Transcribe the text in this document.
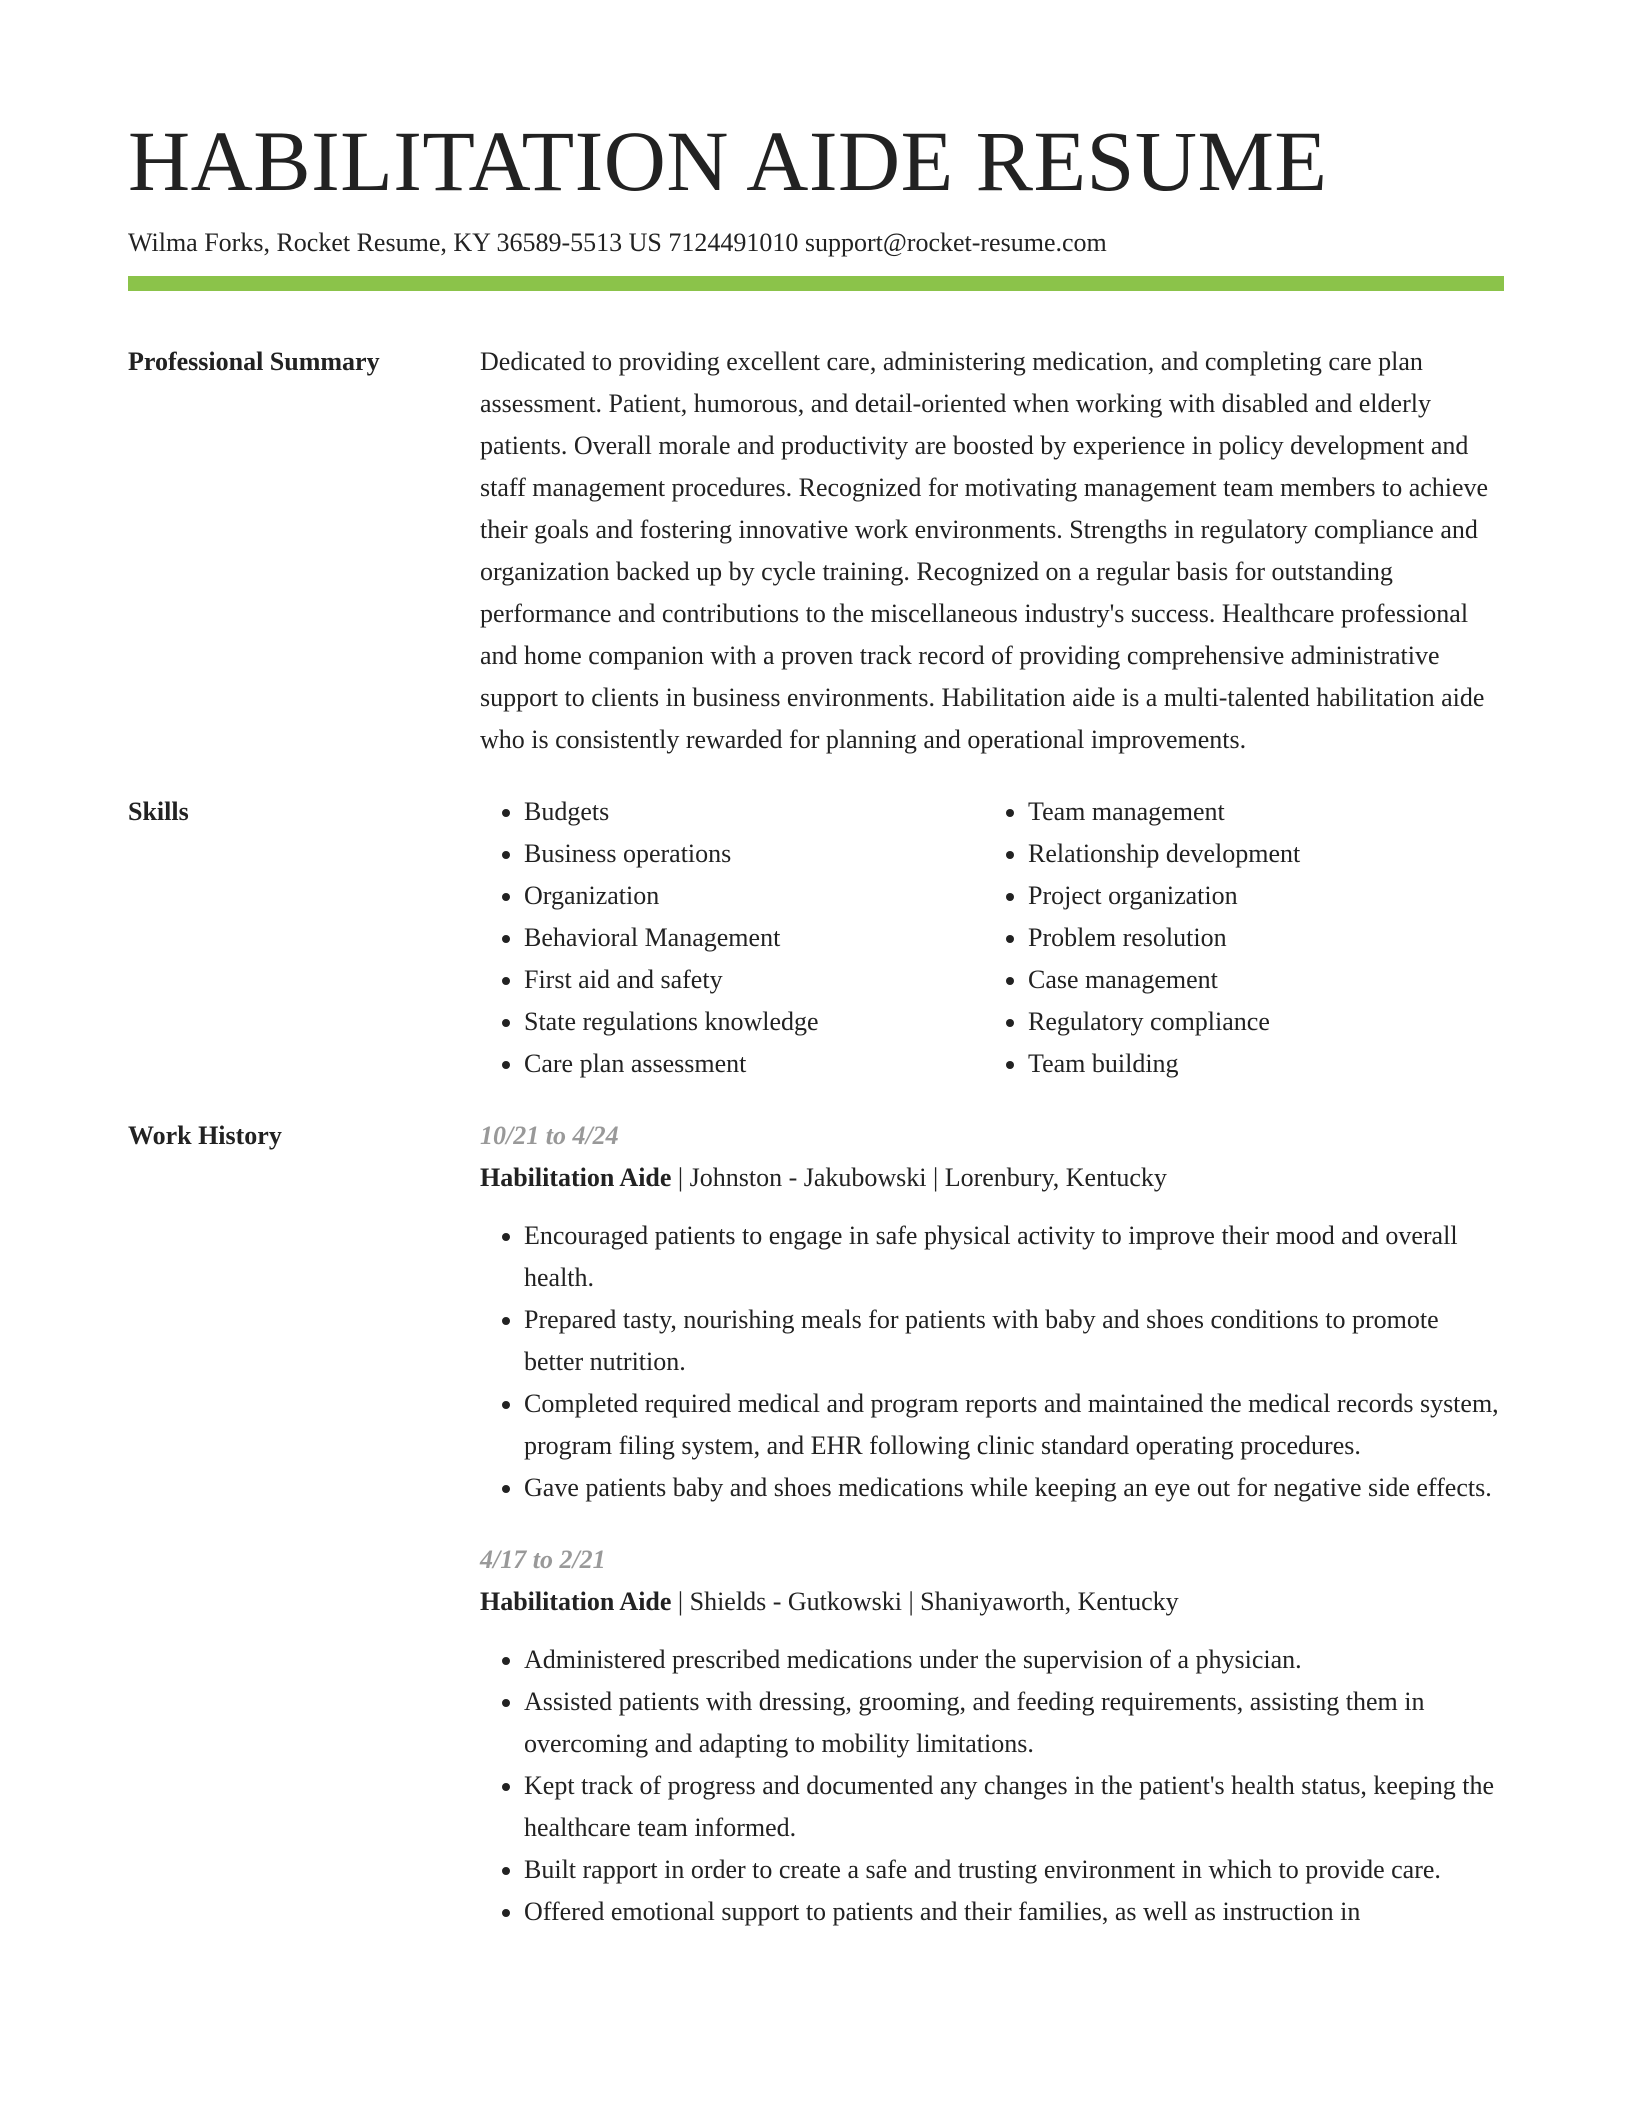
HABILITATION AIDE RESUME
Wilma Forks, Rocket Resume, KY 36589-5513 US 7124491010 support@rocket-resume.com
Professional Summary	Dedicated to providing excellent care, administering medication, and completing care plan assessment. Patient, humorous, and detail-oriented when working with disabled and elderly patients. Overall morale and productivity are boosted by experience in policy development and staff management procedures. Recognized for motivating management team members to achieve their goals and fostering innovative work environments. Strengths in regulatory compliance and organization backed up by cycle training. Recognized on a regular basis for outstanding performance and contributions to the miscellaneous industry's success. Healthcare professional and home companion with a proven track record of providing comprehensive administrative support to clients in business environments. Habilitation aide is a multi-talented habilitation aide who is consistently rewarded for planning and operational improvements.

Skills
•	Budgets
• Business operations
• Organization
• Behavioral Management
• First aid and safety
• State regulations knowledge
• Care plan assessment
• Team management
• Relationship development
• Project organization
• Problem resolution
• Case management
• Regulatory compliance
• Team building
Work History	10/21 to 4/24
Habilitation Aide | Johnston - Jakubowski | Lorenbury, Kentucky
• Encouraged patients to engage in safe physical activity to improve their mood and overall health.
• Prepared tasty, nourishing meals for patients with baby and shoes conditions to promote better nutrition.
• Completed required medical and program reports and maintained the medical records system, program filing system, and EHR following clinic standard operating procedures.
• Gave patients baby and shoes medications while keeping an eye out for negative side effects.
4/17 to 2/21
Habilitation Aide | Shields - Gutkowski | Shaniyaworth, Kentucky
• Administered prescribed medications under the supervision of a physician.
• Assisted patients with dressing, grooming, and feeding requirements, assisting them in overcoming and adapting to mobility limitations.
• Kept track of progress and documented any changes in the patient's health status, keeping the healthcare team informed.
• Built rapport in order to create a safe and trusting environment in which to provide care.
• Offered emotional support to patients and their families, as well as instruction in
